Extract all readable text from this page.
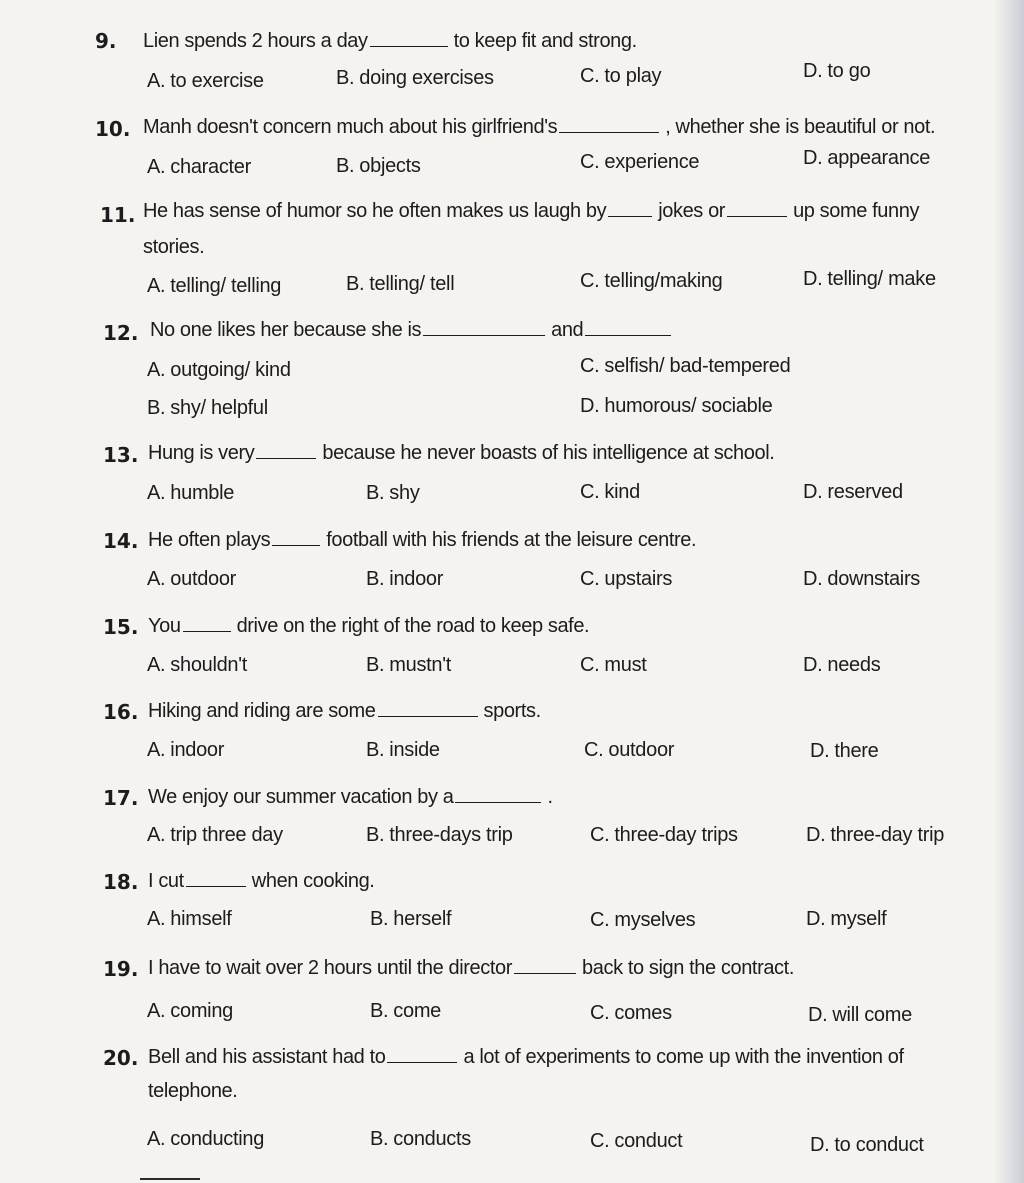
9. Lien spends 2 hours a day	to keep fit and strong.
A. to exercise	B. doing exercises	C. to play	D. to go
10. Manh doesn't concern much about his girlfriend's	, whether she is beautiful or not.
A. character	B. objects	C. experience	D. appearance
11. He has sense of humor so he often makes us laugh by	jokes or	up some funny
stories.
A. telling/ telling	B. telling/ tell	C. telling/making	D. telling/ make
12. No one likes her because she is	and
A. outgoing/ kind	C. selfish/ bad-tempered
B. shy/ helpful	D. humorous/ sociable
13. Hung is very	because he never boasts of his intelligence at school.
A. humble	B. shy	C. kind	D. reserved
14. He often plays	football with his friends at the leisure centre.
A. outdoor	B. indoor	C. upstairs	D. downstairs
15. You	drive on the right of the road to keep safe.
A. shouldn't	B. mustn't	C. must	D. needs
16. Hiking and riding are some	sports.
A. indoor	B. inside	C. outdoor	D. there
17. We enjoy our summer vacation by a	.
A. trip three day	B. three-days trip	C. three-day trips	D. three-day trip
18. I cut	when cooking.
A. himself	B. herself	C. myselves	D. myself
19. I have to wait over 2 hours until the director	back to sign the contract.
A. coming	B. come	C. comes	D. will come
20. Bell and his assistant had to	a lot of experiments to come up with the invention of
telephone.
A. conducting	B. conducts	C. conduct	D. to conduct
